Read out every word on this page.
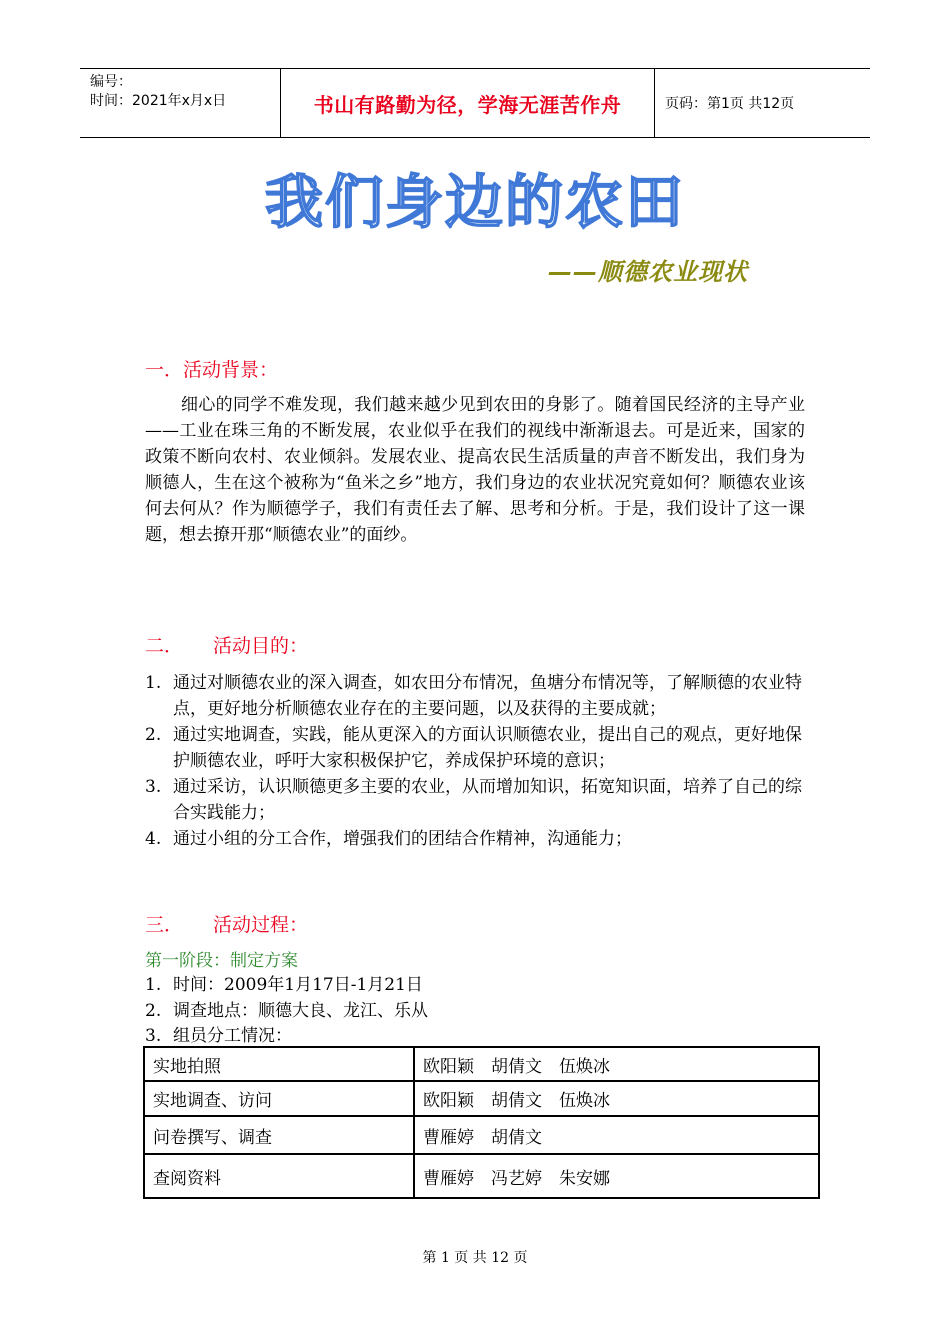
编号：
时间：2021年x月x日	书山有路勤为径，学海无涯苦作舟	页码：第1页 共12页
我们身边的农田
——顺德农业现状
一．活动背景：
细心的同学不难发现，我们越来越少见到农田的身影了。随着国民经济的主导产业——工业在珠三角的不断发展，农业似乎在我们的视线中渐渐退去。可是近来，国家的政策不断向农村、农业倾斜。发展农业、提高农民生活质量的声音不断发出，我们身为顺德人，生在这个被称为“鱼米之乡”地方，我们身边的农业状况究竟如何？顺德农业该何去何从？作为顺德学子，我们有责任去了解、思考和分析。于是，我们设计了这一课题，想去撩开那“顺德农业”的面纱。
二． 活动目的：
1. 通过对顺德农业的深入调查，如农田分布情况，鱼塘分布情况等，了解顺德的农业特点，更好地分析顺德农业存在的主要问题，以及获得的主要成就；
2. 通过实地调查，实践，能从更深入的方面认识顺德农业，提出自己的观点，更好地保护顺德农业，呼吁大家积极保护它，养成保护环境的意识；
3. 通过采访，认识顺德更多主要的农业，从而增加知识，拓宽知识面，培养了自己的综合实践能力；
4. 通过小组的分工合作，增强我们的团结合作精神，沟通能力；
三． 活动过程：
第一阶段：制定方案
1. 时间：2009年1月17日-1月21日
2. 调查地点：顺德大良、龙江、乐从
3. 组员分工情况：
实地拍照	欧阳颖　胡倩文　伍焕冰
实地调查、访问	欧阳颖　胡倩文　伍焕冰
问卷撰写、调查	曹雁婷　胡倩文
查阅资料	曹雁婷　冯艺婷　朱安娜
第 1 页 共 12 页
